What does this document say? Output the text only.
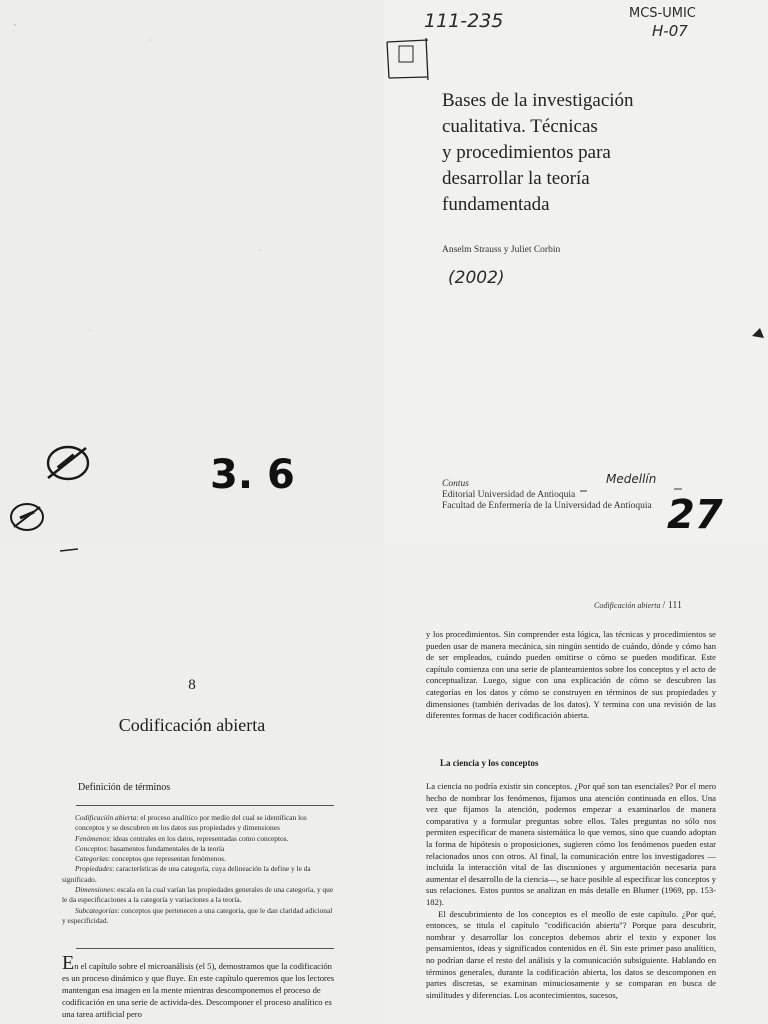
3. 6
111-235	MCS-UMIC
H-07
Bases de la investigación
cualitativa. Técnicas
y procedimientos para
desarrollar la teoría
fundamentada
Anselm Strauss y Juliet Corbin
(2002)
Contus
Editorial Universidad de Antioquia
Facultad de Enfermería de la Universidad de Antioquia
Medellín
27
8
Codificación abierta
Definición de términos

Codificación abierta: el proceso analítico por medio del cual se identifican los conceptos y se descubren en los datos sus propiedades y dimensiones

Fenómenos: ideas centrales en los datos, representadas como conceptos.

Conceptos: basamentos fundamentales de la teoría

Categorías: conceptos que representan fenómenos.

Propiedades: características de una categoría, cuya delineación la define y le da significado.

Dimensiones: escala en la cual varían las propiedades generales de una categoría, y que le da especificaciones a la categoría y variaciones a la teoría.

Subcategorías: conceptos que pertenecen a una categoría, que le dan claridad adicional y especificidad.

En el capítulo sobre el microanálisis (el 5), demostramos que la codificación es un proceso dinámico y que fluye. En este capítulo queremos que los lectores mantengan esa imagen en la mente mientras descomponemos el proceso de codificación en una serie de activida-des. Descomponer el proceso analítico es una tarea artificial pero
Codificación abierta / 111

y los procedimientos. Sin comprender esta lógica, las técnicas y procedimientos se pueden usar de manera mecánica, sin ningún sentido de cuándo, dónde y cómo han de ser empleados, cuándo pueden omitirse o cómo se pueden modificar. Este capítulo comienza con una serie de planteamientos sobre los conceptos y el acto de conceptualizar. Luego, sigue con una explicación de cómo se descubren las categorías en los datos y cómo se construyen en términos de sus propiedades y dimensiones (también derivadas de los datos). Y termina con una revisión de las diferentes formas de hacer codificación abierta.

La ciencia y los conceptos

La ciencia no podría existir sin conceptos. ¿Por qué son tan esenciales? Por el mero hecho de nombrar los fenómenos, fijamos una atención continuada en ellos. Una vez que fijamos la atención, podemos empezar a examinarlos de manera comparativa y a formular preguntas sobre ellos. Tales preguntas no sólo nos permiten especificar de manera sistemática lo que vemos, sino que cuando adoptan la forma de hipótesis o proposiciones, sugieren cómo los fenómenos pueden estar relacionados unos con otros. Al final, la comunicación entre los investigadores —incluida la interacción vital de las discusiones y argumentación necesaria para aumentar el desarrollo de la ciencia—, se hace posible al especificar los conceptos y sus relaciones. Estos puntos se analizan en más detalle en Blumer (1969, pp. 153-182).

El descubrimiento de los conceptos es el meollo de este capítulo. ¿Por qué, entonces, se titula el capítulo "codificación abierta"? Porque para descubrir, nombrar y desarrollar los conceptos debemos abrir el texto y exponer los pensamientos, ideas y significados contenidos en él. Sin este primer paso analítico, no podrían darse el resto del análisis y la comunicación subsiguiente. Hablando en términos generales, durante la codificación abierta, los datos se descomponen en partes discretas, se examinan minuciosamente y se comparan en busca de similitudes y diferencias. Los acontecimientos, sucesos,
